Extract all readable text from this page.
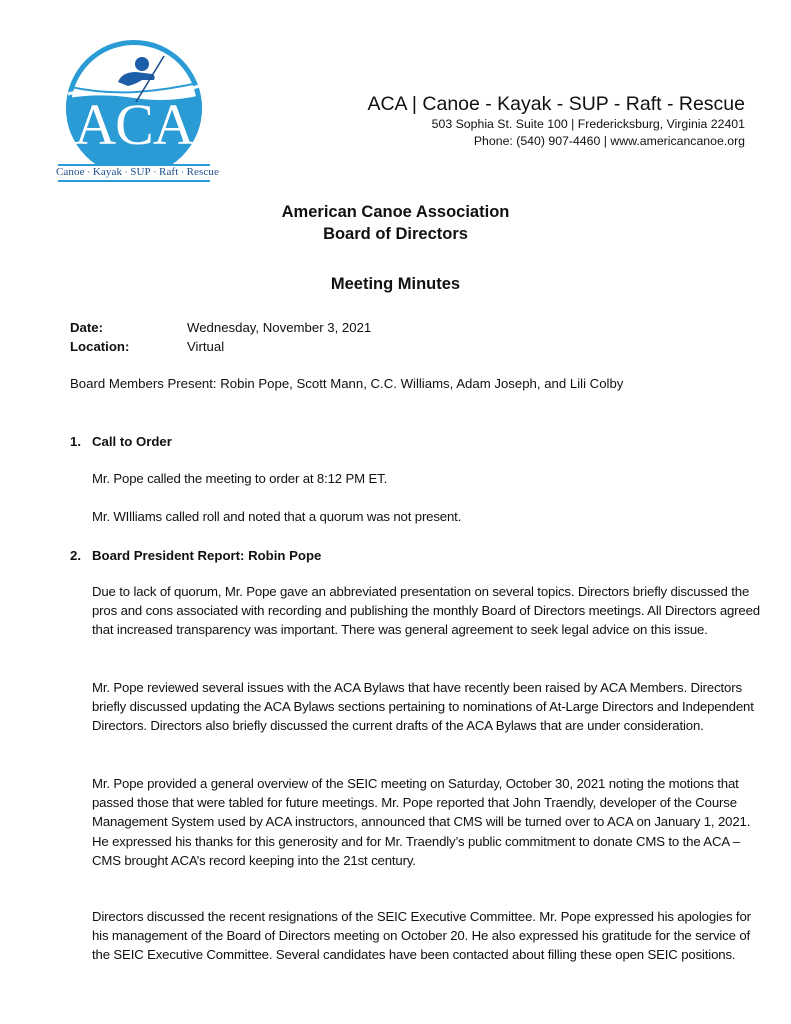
Canoe · Kayak · SUP · Raft · Rescue
ACA	ACA | Canoe - Kayak - SUP - Raft - Rescue
503 Sophia St. Suite 100 | Fredericksburg, Virginia 22401
Phone: (540) 907-4460 | www.americancanoe.org
American Canoe Association
Board of Directors
Meeting Minutes
Date:	Wednesday, November 3, 2021
Location:	Virtual
Board Members Present: Robin Pope, Scott Mann, C.C. Williams, Adam Joseph, and Lili Colby
1. Call to Order
Mr. Pope called the meeting to order at 8:12 PM ET.
Mr. WIlliams called roll and noted that a quorum was not present.
2. Board President Report: Robin Pope
Due to lack of quorum, Mr. Pope gave an abbreviated presentation on several topics. Directors briefly discussed the pros and cons associated with recording and publishing the monthly Board of Directors meetings. All Directors agreed that increased transparency was important. There was general agreement to seek legal advice on this issue.
Mr. Pope reviewed several issues with the ACA Bylaws that have recently been raised by ACA Members. Directors briefly discussed updating the ACA Bylaws sections pertaining to nominations of At-Large Directors and Independent Directors. Directors also briefly discussed the current drafts of the ACA Bylaws that are under consideration.
Mr. Pope provided a general overview of the SEIC meeting on Saturday, October 30, 2021 noting the motions that passed those that were tabled for future meetings. Mr. Pope reported that John Traendly, developer of the Course Management System used by ACA instructors, announced that CMS will be turned over to ACA on January 1, 2021. He expressed his thanks for this generosity and for Mr. Traendly’s public commitment to donate CMS to the ACA – CMS brought ACA’s record keeping into the 21st century.
Directors discussed the recent resignations of the SEIC Executive Committee. Mr. Pope expressed his apologies for his management of the Board of Directors meeting on October 20. He also expressed his gratitude for the service of the SEIC Executive Committee. Several candidates have been contacted about filling these open SEIC positions.
